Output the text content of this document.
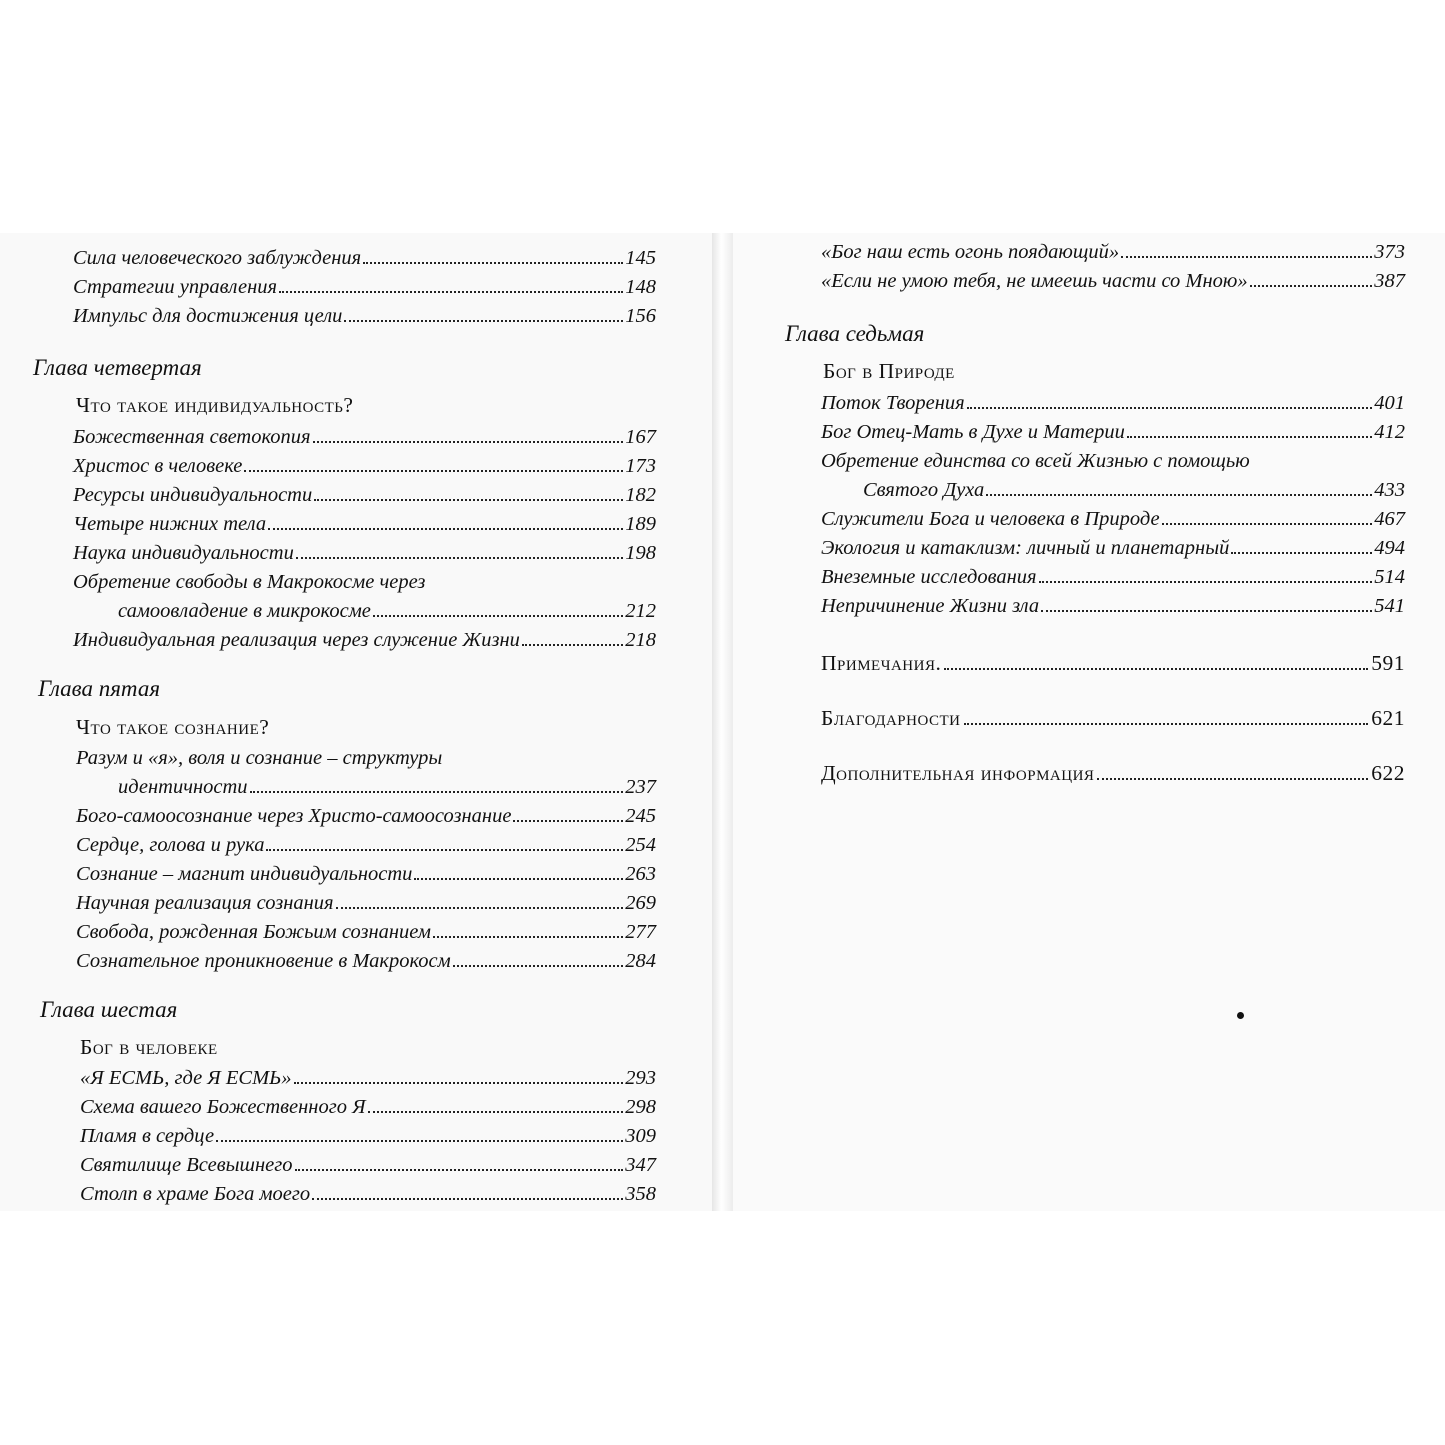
Сила человеческого заблуждения	145
Стратегии управления	148
Импульс для достижения цели	156
Глава четвертая
Что такое индивидуальность?
Божественная светокопия	167
Христос в человеке	173
Ресурсы индивидуальности	182
Четыре нижних тела	189
Наука индивидуальности	198
Обретение свободы в Макрокосме через
самоовладение в микрокосме	212
Индивидуальная реализация через служение Жизни	218
Глава пятая
Что такое сознание?
Разум и «я», воля и сознание – структуры
идентичности	237
Бого-самоосознание через Христо-самоосознание	245
Сердце, голова и рука	254
Сознание – магнит индивидуальности	263
Научная реализация сознания	269
Свобода, рожденная Божьим сознанием	277
Сознательное проникновение в Макрокосм	284
Глава шестая
Бог в человеке
«Я ЕСМЬ, где Я ЕСМЬ»	293
Схема вашего Божественного Я	298
Пламя в сердце	309
Святилище Всевышнего	347
Столп в храме Бога моего	358
«Бог наш есть огонь поядающий»	373
«Если не умою тебя, не имеешь части со Мною»	387
Глава седьмая
Бог в Природе
Поток Творения	401
Бог Отец-Мать в Духе и Материи	412
Обретение единства со всей Жизнью с помощью
Святого Духа	433
Служители Бога и человека в Природе	467
Экология и катаклизм: личный и планетарный	494
Внеземные исследования	514
Непричинение Жизни зла	541
Примечания.	591
Благодарности	621
Дополнительная информация	622
